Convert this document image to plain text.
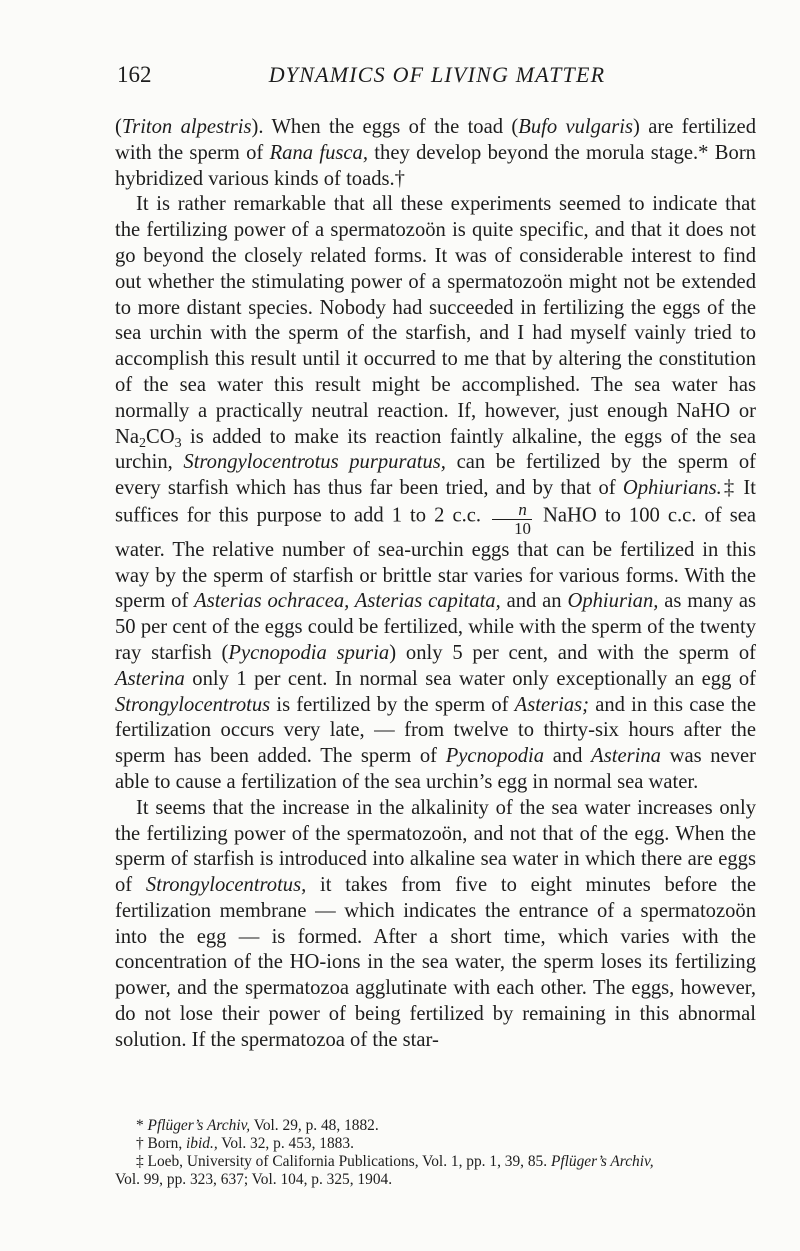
162	DYNAMICS OF LIVING MATTER

(Triton alpestris). When the eggs of the toad (Bufo vulgaris) are fertilized with the sperm of Rana fusca, they develop beyond the morula stage.* Born hybridized various kinds of toads.†

It is rather remarkable that all these experiments seemed to indicate that the fertilizing power of a spermatozoön is quite specific, and that it does not go beyond the closely related forms. It was of considerable interest to find out whether the stimulating power of a spermatozoön might not be extended to more distant species. Nobody had succeeded in fertilizing the eggs of the sea urchin with the sperm of the starfish, and I had myself vainly tried to accomplish this result until it occurred to me that by altering the constitution of the sea water this result might be accomplished. The sea water has normally a practically neutral reaction. If, however, just enough NaHO or $Na_2CO_3$ is added to make its reaction faintly alkaline, the eggs of the sea urchin, Strongylocentrotus purpuratus, can be fertilized by the sperm of every starfish which has thus far been tried, and by that of Ophiurians.‡ It suffices for this purpose to add 1 to 2 c.c. $\frac{n}{10}$ NaHO to 100 c.c. of sea water. The relative number of sea-urchin eggs that can be fertilized in this way by the sperm of starfish or brittle star varies for various forms. With the sperm of Asterias ochracea, Asterias capitata, and an Ophiurian, as many as 50 per cent of the eggs could be fertilized, while with the sperm of the twenty ray starfish (Pycnopodia spuria) only 5 per cent, and with the sperm of Asterina only 1 per cent. In normal sea water only exceptionally an egg of Strongylocentrotus is fertilized by the sperm of Asterias; and in this case the fertilization occurs very late, — from twelve to thirty-six hours after the sperm has been added. The sperm of Pycnopodia and Asterina was never able to cause a fertilization of the sea urchin’s egg in normal sea water.

It seems that the increase in the alkalinity of the sea water increases only the fertilizing power of the spermatozoön, and not that of the egg. When the sperm of starfish is introduced into alkaline sea water in which there are eggs of Strongylocentrotus, it takes from five to eight minutes before the fertilization membrane — which indicates the entrance of a spermatozoön into the egg — is formed. After a short time, which varies with the concentration of the HO-ions in the sea water, the sperm loses its fertilizing power, and the spermatozoa agglutinate with each other. The eggs, however, do not lose their power of being fertilized by remaining in this abnormal solution. If the spermatozoa of the star-

* Pflüger’s Archiv, Vol. 29, p. 48, 1882.

† Born, ibid., Vol. 32, p. 453, 1883.

‡ Loeb, University of California Publications, Vol. 1, pp. 1, 39, 85. Pflüger’s Archiv,

Vol. 99, pp. 323, 637; Vol. 104, p. 325, 1904.
